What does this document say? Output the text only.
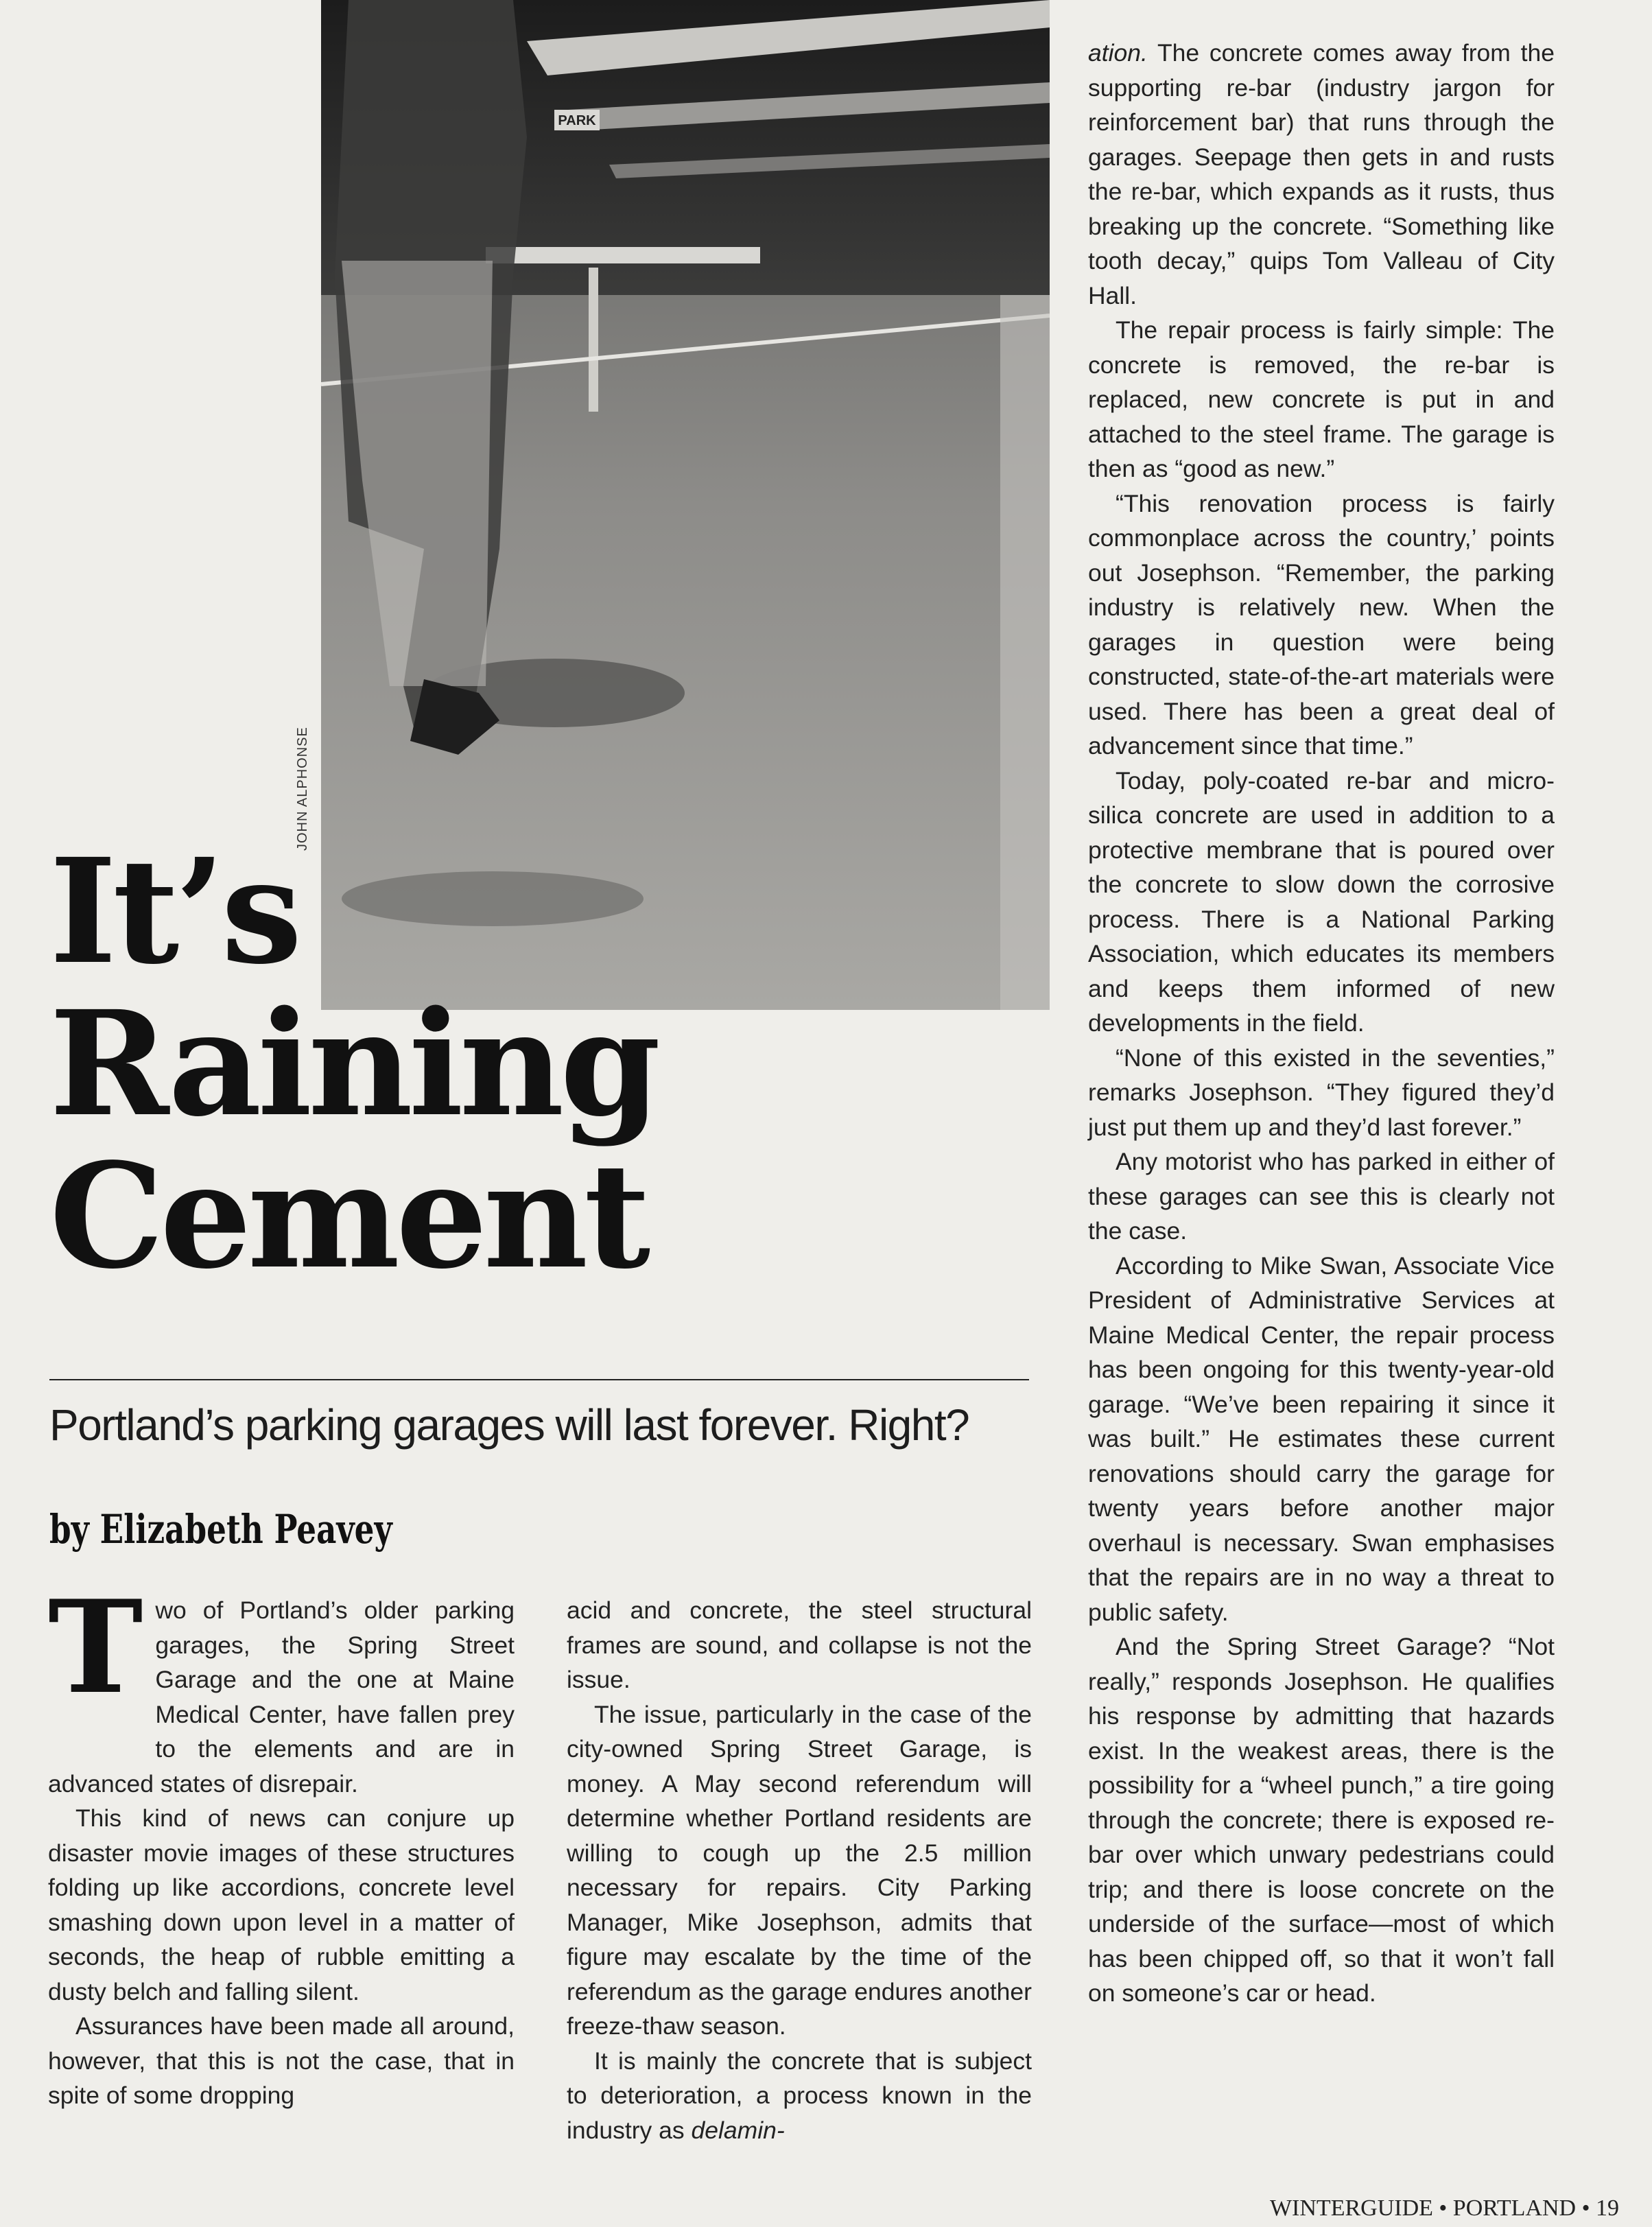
PARK
JOHN ALPHONSE
It’s
Raining
Cement
Portland’s parking garages will last forever. Right?
by Elizabeth Peavey

Two of Portland’s older parking garages, the Spring Street Garage and the one at Maine Medical Center, have fallen prey to the elements and are in advanced states of disrepair.

This kind of news can conjure up disaster movie images of these structures folding up like accordions, concrete level smashing down upon level in a matter of seconds, the heap of rubble emitting a dusty belch and falling silent.

Assurances have been made all around, however, that this is not the case, that in spite of some dropping

acid and concrete, the steel structural frames are sound, and collapse is not the issue.

The issue, particularly in the case of the city-owned Spring Street Garage, is money. A May second referendum will determine whether Portland residents are willing to cough up the 2.5 million necessary for repairs. City Parking Manager, Mike Josephson, admits that figure may escalate by the time of the referendum as the garage endures another freeze-thaw season.

It is mainly the concrete that is subject to deterioration, a process known in the industry as delamin-

ation. The concrete comes away from the supporting re-bar (industry jargon for reinforcement bar) that runs through the garages. Seepage then gets in and rusts the re-bar, which expands as it rusts, thus breaking up the concrete. “Something like tooth decay,” quips Tom Valleau of City Hall.

The repair process is fairly simple: The concrete is removed, the re-bar is replaced, new concrete is put in and attached to the steel frame. The garage is then as “good as new.”

“This renovation process is fairly commonplace across the country,’ points out Josephson. “Remember, the parking industry is relatively new. When the garages in question were being constructed, state-of-the-art materials were used. There has been a great deal of advancement since that time.”

Today, poly-coated re-bar and micro-silica concrete are used in addition to a protective membrane that is poured over the concrete to slow down the corrosive process. There is a National Parking Association, which educates its members and keeps them informed of new developments in the field.

“None of this existed in the seventies,” remarks Josephson. “They figured they’d just put them up and they’d last forever.”

Any motorist who has parked in either of these garages can see this is clearly not the case.

According to Mike Swan, Associate Vice President of Administrative Services at Maine Medical Center, the repair process has been ongoing for this twenty-year-old garage. “We’ve been repairing it since it was built.” He estimates these current renovations should carry the garage for twenty years before another major overhaul is necessary. Swan emphasises that the repairs are in no way a threat to public safety.

And the Spring Street Garage? “Not really,” responds Josephson. He qualifies his response by admitting that hazards exist. In the weakest areas, there is the possibility for a “wheel punch,” a tire going through the concrete; there is exposed re-bar over which unwary pedestrians could trip; and there is loose concrete on the underside of the surface—most of which has been chipped off, so that it won’t fall on someone’s car or head.

WINTERGUIDE • PORTLAND • 19
